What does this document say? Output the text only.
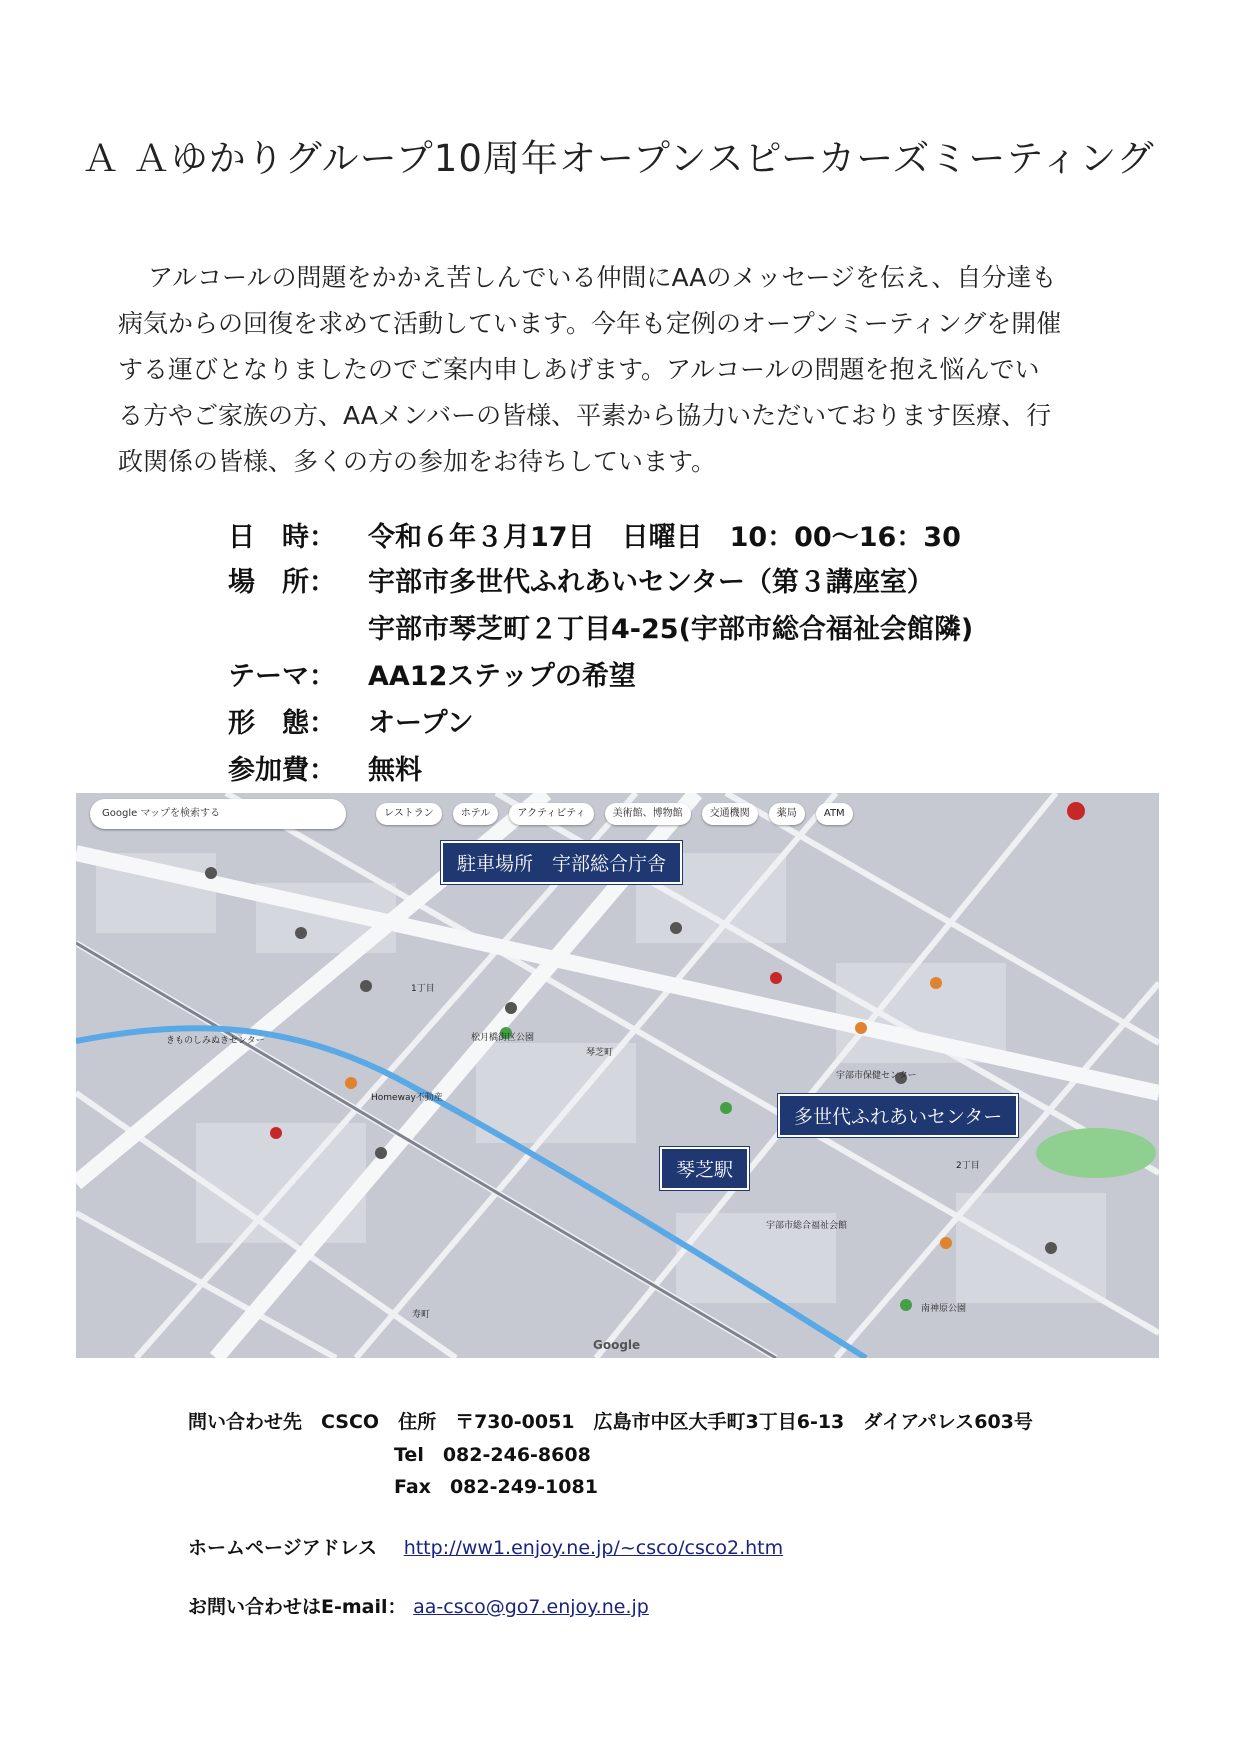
Ａ Ａゆかりグループ10周年オープンスピーカーズミーティング
アルコールの問題をかかえ苦しんでいる仲間にAAのメッセージを伝え、自分達も病気からの回復を求めて活動しています。今年も定例のオープンミーティングを開催する運びとなりましたのでご案内申しあげます。アルコールの問題を抱え悩んでいる方やご家族の方、AAメンバーの皆様、平素から協力いただいております医療、行政関係の皆様、多くの方の参加をお待ちしています。
日　時： 令和６年３月17日　日曜日　10：00～16：30
場　所： 宇部市多世代ふれあいセンター（第３講座室）
宇部市琴芝町２丁目4-25(宇部市総合福祉会館隣)
テーマ： AA12ステップの希望
形　態： オープン
参加費： 無料
Google マップを検索する	レストラン	ホテル	アクティビティ	美術館、博物館	交通機関	薬局	ATM
駐車場所　宇部総合庁舎
多世代ふれあいセンター
琴芝駅
琴芝町
1丁目
2丁目
宇部市保健センター
宇部市総合福祉会館
きものしみぬきセンター	松月橋街区公園
南神原公園
Homeway不動産
寿町
Google
問い合わせ先　CSCO　住所　〒730-0051　広島市中区大手町3丁目6-13　ダイアパレス603号
Tel　082-246-8608
Fax　082-249-1081
ホームページアドレス http://ww1.enjoy.ne.jp/~csco/csco2.htm
お問い合わせはE-mail： aa-csco@go7.enjoy.ne.jp
